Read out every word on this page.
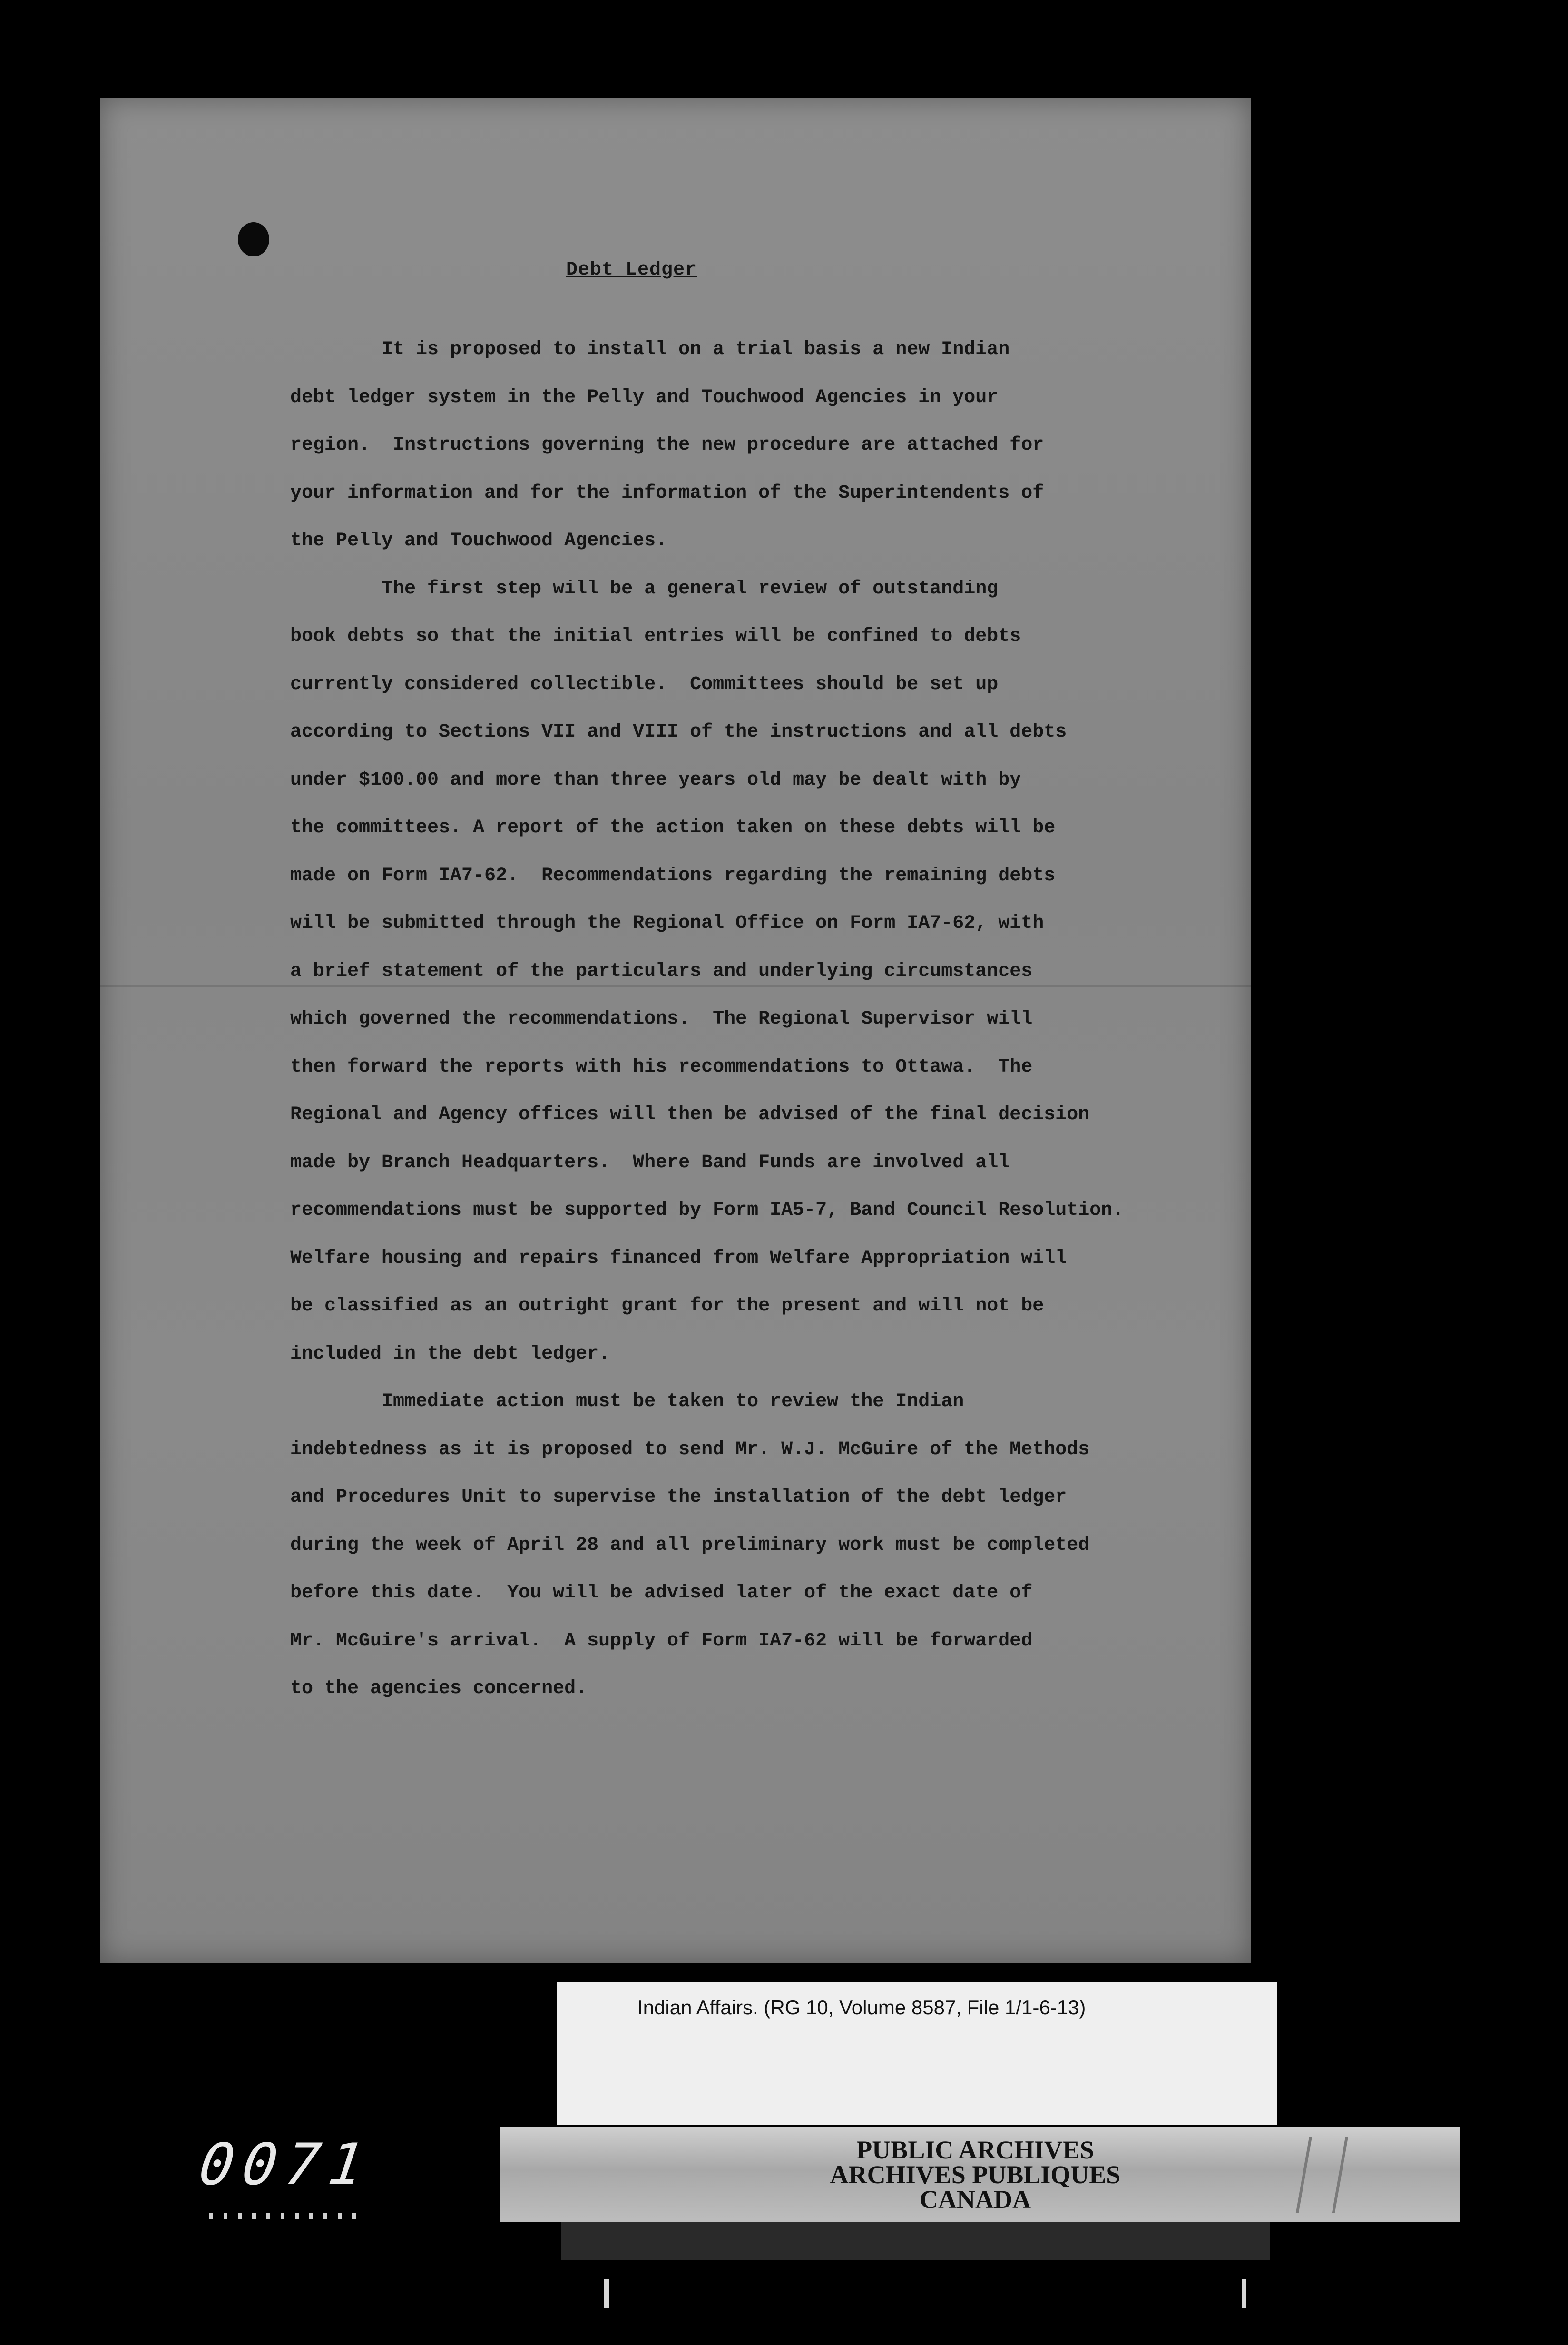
Debt Ledger

It is proposed to install on a trial basis a new Indian
debt ledger system in the Pelly and Touchwood Agencies in your
region.  Instructions governing the new procedure are attached for
your information and for the information of the Superintendents of
the Pelly and Touchwood Agencies.

The first step will be a general review of outstanding
book debts so that the initial entries will be confined to debts
currently considered collectible.  Committees should be set up
according to Sections VII and VIII of the instructions and all debts
under $100.00 and more than three years old may be dealt with by
the committees. A report of the action taken on these debts will be
made on Form IA7-62.  Recommendations regarding the remaining debts
will be submitted through the Regional Office on Form IA7-62, with
a brief statement of the particulars and underlying circumstances
which governed the recommendations.  The Regional Supervisor will
then forward the reports with his recommendations to Ottawa.  The
Regional and Agency offices will then be advised of the final decision
made by Branch Headquarters.  Where Band Funds are involved all
recommendations must be supported by Form IA5-7, Band Council Resolution.
Welfare housing and repairs financed from Welfare Appropriation will
be classified as an outright grant for the present and will not be
included in the debt ledger.

Immediate action must be taken to review the Indian
indebtedness as it is proposed to send Mr. W.J. McGuire of the Methods
and Procedures Unit to supervise the installation of the debt ledger
during the week of April 28 and all preliminary work must be completed
before this date.  You will be advised later of the exact date of
Mr. McGuire's arrival.  A supply of Form IA7-62 will be forwarded
to the agencies concerned.

Indian Affairs. (RG 10, Volume 8587, File 1/1-6-13)
PUBLIC ARCHIVES
ARCHIVES PUBLIQUES
CANADA
0071
